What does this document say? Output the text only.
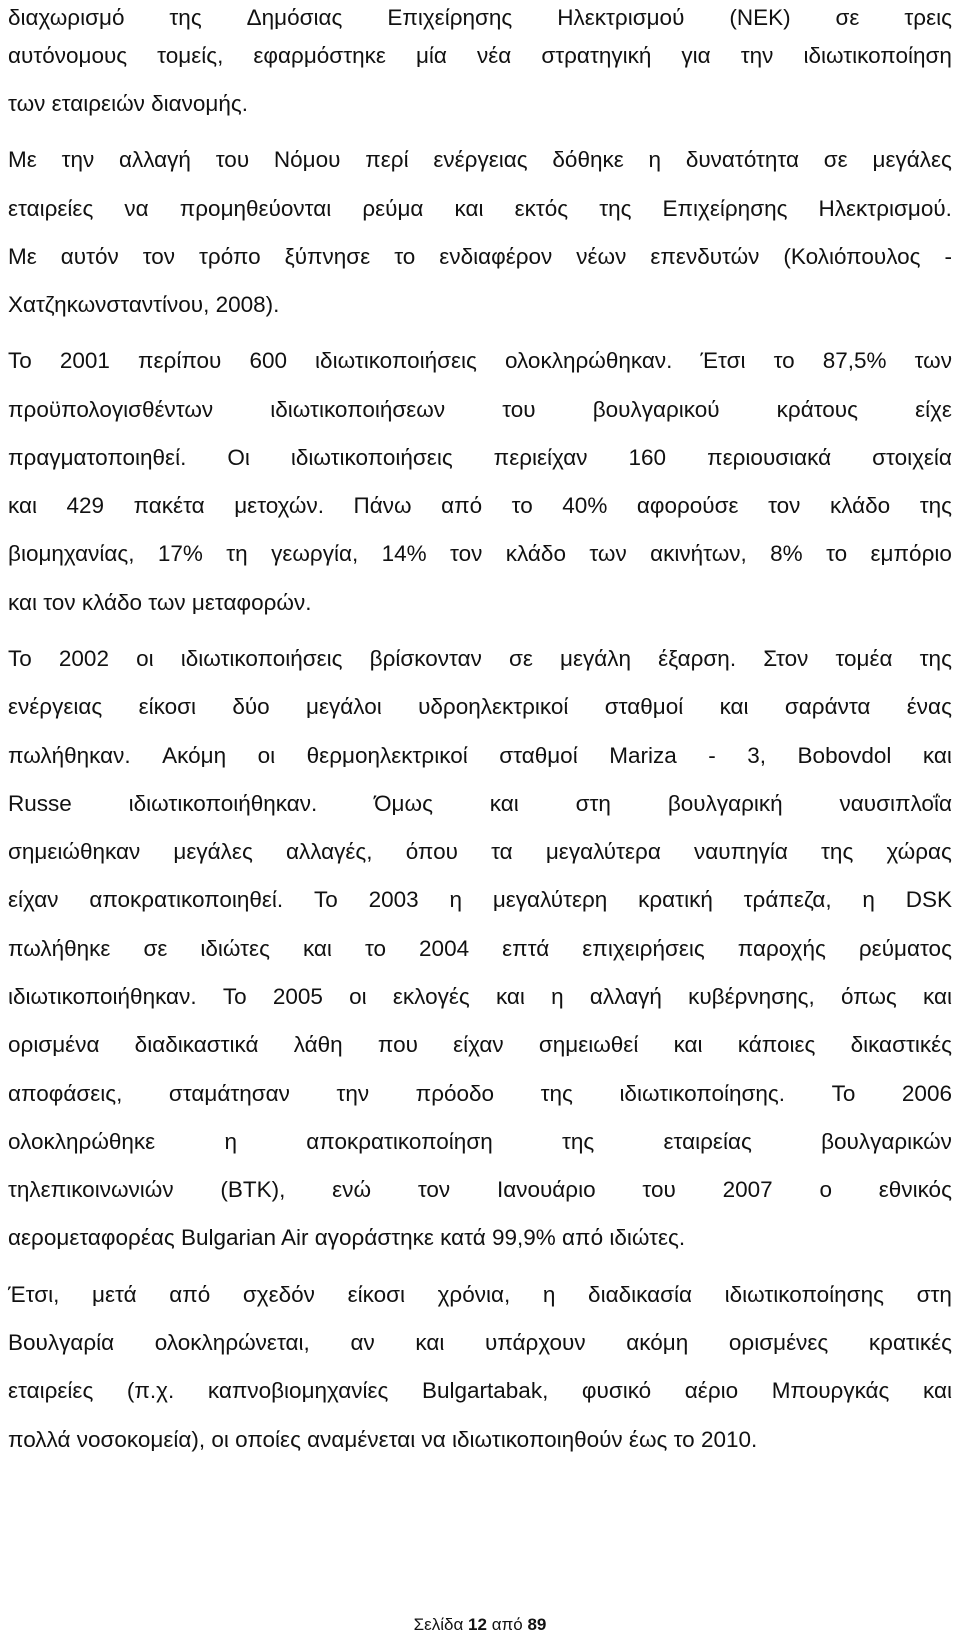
διαχωρισμό της Δημόσιας Επιχείρησης Ηλεκτρισμού (ΝΕΚ) σε τρεις
αυτόνομους τομείς, εφαρμόστηκε μία νέα στρατηγική για την ιδιωτικοποίηση
των εταιρειών διανομής.
Με την αλλαγή του Νόμου περί ενέργειας δόθηκε η δυνατότητα σε μεγάλες
εταιρείες να προμηθεύονται ρεύμα και εκτός της Επιχείρησης Ηλεκτρισμού.
Με αυτόν τον τρόπο ξύπνησε το ενδιαφέρον νέων επενδυτών (Κολιόπουλος -
Χατζηκωνσταντίνου, 2008).
Το 2001 περίπου 600 ιδιωτικοποιήσεις ολοκληρώθηκαν. Έτσι το 87,5% των
προϋπολογισθέντων	ιδιωτικοποιήσεων	του	βουλγαρικού	κράτους	είχε
πραγματοποιηθεί. Οι ιδιωτικοποιήσεις περιείχαν 160 περιουσιακά στοιχεία
και 429 πακέτα μετοχών. Πάνω από το 40% αφορούσε τον κλάδο της
βιομηχανίας, 17% τη γεωργία, 14% τον κλάδο των ακινήτων, 8% το εμπόριο
και τον κλάδο των μεταφορών.
Το 2002 οι ιδιωτικοποιήσεις βρίσκονταν σε μεγάλη έξαρση. Στον τομέα της
ενέργειας είκοσι δύο μεγάλοι υδροηλεκτρικοί σταθμοί και σαράντα ένας
πωλήθηκαν. Ακόμη οι θερμοηλεκτρικοί σταθμοί Mariza - 3, Bobovdol και
Russe	ιδιωτικοποιήθηκαν.	Όμως	και	στη	βουλγαρική	ναυσιπλοΐα
σημειώθηκαν μεγάλες αλλαγές, όπου τα μεγαλύτερα ναυπηγία της χώρας
είχαν αποκρατικοποιηθεί. Το 2003 η μεγαλύτερη κρατική τράπεζα, η DSK
πωλήθηκε σε ιδιώτες και το 2004 επτά επιχειρήσεις παροχής ρεύματος
ιδιωτικοποιήθηκαν. Το 2005 οι εκλογές και η αλλαγή κυβέρνησης, όπως και
ορισμένα διαδικαστικά λάθη που είχαν σημειωθεί και κάποιες δικαστικές
αποφάσεις, σταμάτησαν την πρόοδο της ιδιωτικοποίησης. Το 2006
ολοκληρώθηκε	η	αποκρατικοποίηση	της	εταιρείας	βουλγαρικών
τηλεπικοινωνιών (BTK), ενώ τον Ιανουάριο του 2007 ο εθνικός
αερομεταφορέας Bulgarian Air αγοράστηκε κατά 99,9% από ιδιώτες.
Έτσι, μετά από σχεδόν είκοσι χρόνια, η διαδικασία ιδιωτικοποίησης στη
Βουλγαρία ολοκληρώνεται, αν και υπάρχουν ακόμη ορισμένες κρατικές
εταιρείες (π.χ. καπνοβιομηχανίες Bulgartabak, φυσικό αέριο Μπουργκάς και
πολλά νοσοκομεία), οι οποίες αναμένεται να ιδιωτικοποιηθούν έως το 2010.
Σελίδα 12 από 89
